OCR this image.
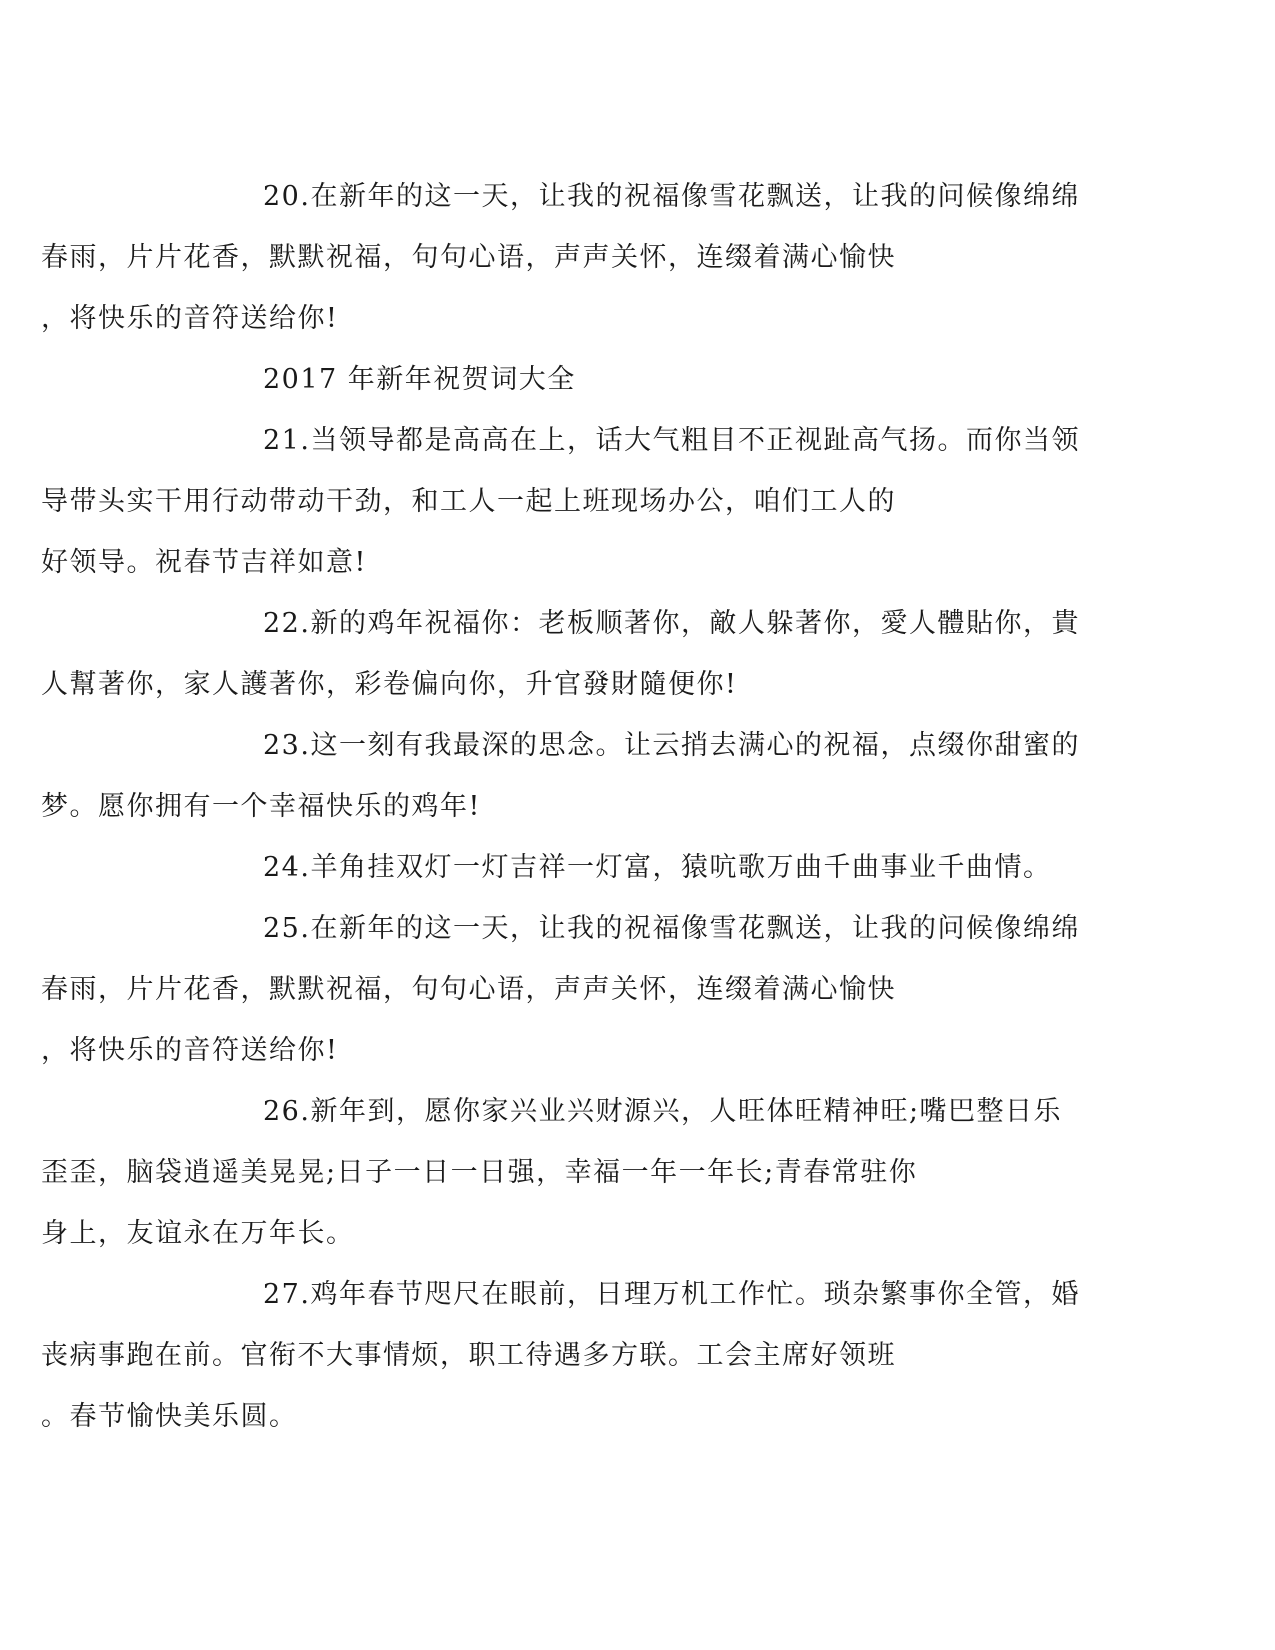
20.在新年的这一天，让我的祝福像雪花飘送，让我的问候像绵绵
春雨，片片花香，默默祝福，句句心语，声声关怀，连缀着满心愉快
，将快乐的音符送给你!
2017 年新年祝贺词大全
21.当领导都是高高在上，话大气粗目不正视趾高气扬。而你当领
导带头实干用行动带动干劲，和工人一起上班现场办公，咱们工人的
好领导。祝春节吉祥如意!
22.新的鸡年祝福你：老板顺著你，敵人躲著你，愛人體貼你，貴
人幫著你，家人護著你，彩卷偏向你，升官發財隨便你!
23.这一刻有我最深的思念。让云捎去满心的祝福，点缀你甜蜜的
梦。愿你拥有一个幸福快乐的鸡年!
24.羊角挂双灯一灯吉祥一灯富，猿吭歌万曲千曲事业千曲情。
25.在新年的这一天，让我的祝福像雪花飘送，让我的问候像绵绵
春雨，片片花香，默默祝福，句句心语，声声关怀，连缀着满心愉快
，将快乐的音符送给你!
26.新年到，愿你家兴业兴财源兴，人旺体旺精神旺;嘴巴整日乐
歪歪，脑袋逍遥美晃晃;日子一日一日强，幸福一年一年长;青春常驻你
身上，友谊永在万年长。
27.鸡年春节咫尺在眼前，日理万机工作忙。琐杂繁事你全管，婚
丧病事跑在前。官衔不大事情烦，职工待遇多方联。工会主席好领班
。春节愉快美乐圆。
